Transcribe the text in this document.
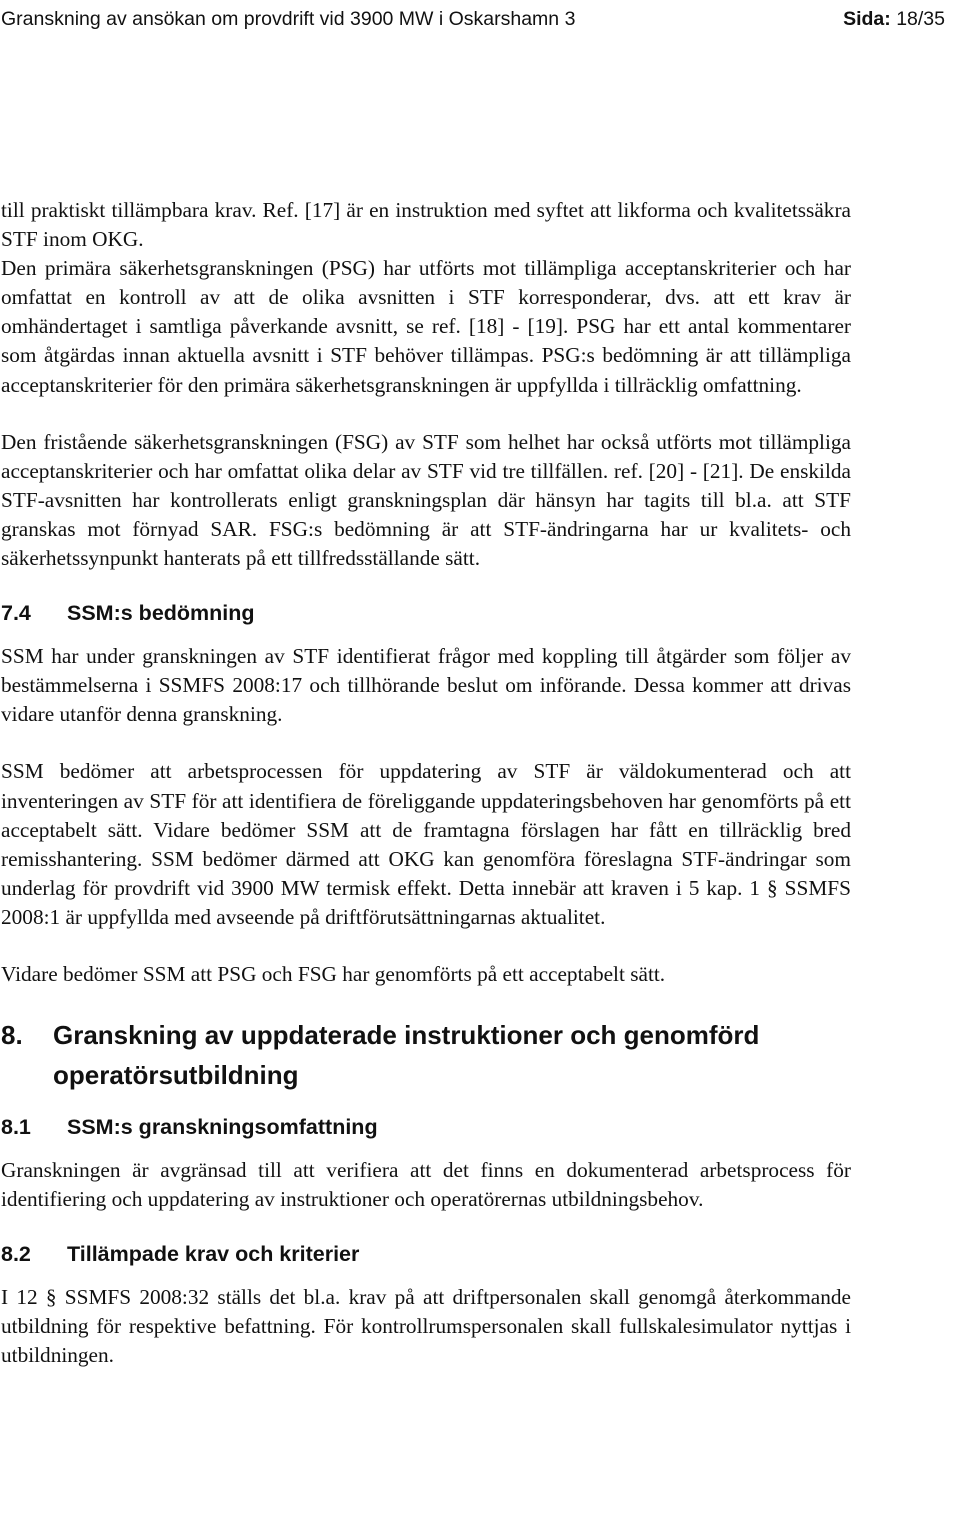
Granskning av ansökan om provdrift vid 3900 MW i Oskarshamn 3	Sida: 18/35

till praktiskt tillämpbara krav. Ref. [17] är en instruktion med syftet att likforma och kvalitetssäkra STF inom OKG.

Den primära säkerhetsgranskningen (PSG) har utförts mot tillämpliga acceptanskriterier och har omfattat en kontroll av att de olika avsnitten i STF korresponderar, dvs. att ett krav är omhändertaget i samtliga påverkande avsnitt, se ref. [18] - [19]. PSG har ett antal kommentarer som åtgärdas innan aktuella avsnitt i STF behöver tillämpas. PSG:s bedömning är att tillämpliga acceptanskriterier för den primära säkerhetsgranskningen är uppfyllda i tillräcklig omfattning.

Den fristående säkerhetsgranskningen (FSG) av STF som helhet har också utförts mot tillämpliga acceptanskriterier och har omfattat olika delar av STF vid tre tillfällen. ref. [20] - [21]. De enskilda STF-avsnitten har kontrollerats enligt granskningsplan där hänsyn har tagits till bl.a. att STF granskas mot förnyad SAR. FSG:s bedömning är att STF-ändringarna har ur kvalitets- och säkerhetssynpunkt hanterats på ett tillfredsställande sätt.

7.4	SSM:s bedömning

SSM har under granskningen av STF identifierat frågor med koppling till åtgärder som följer av bestämmelserna i SSMFS 2008:17 och tillhörande beslut om införande. Dessa kommer att drivas vidare utanför denna granskning.

SSM bedömer att arbetsprocessen för uppdatering av STF är väldokumenterad och att inventeringen av STF för att identifiera de föreliggande uppdateringsbehoven har genomförts på ett acceptabelt sätt. Vidare bedömer SSM att de framtagna förslagen har fått en tillräcklig bred remisshantering. SSM bedömer därmed att OKG kan genomföra föreslagna STF-ändringar som underlag för provdrift vid 3900 MW termisk effekt. Detta innebär att kraven i 5 kap. 1 § SSMFS 2008:1 är uppfyllda med avseende på driftförutsättningarnas aktualitet.

Vidare bedömer SSM att PSG och FSG har genomförts på ett acceptabelt sätt.

8.	Granskning av uppdaterade instruktioner och genomförd operatörsutbildning
8.1	SSM:s granskningsomfattning

Granskningen är avgränsad till att verifiera att det finns en dokumenterad arbetsprocess för identifiering och uppdatering av instruktioner och operatörernas utbildningsbehov.

8.2	Tillämpade krav och kriterier

I 12 § SSMFS 2008:32 ställs det bl.a. krav på att driftpersonalen skall genomgå återkommande utbildning för respektive befattning. För kontrollrumspersonalen skall fullskalesimulator nyttjas i utbildningen.
